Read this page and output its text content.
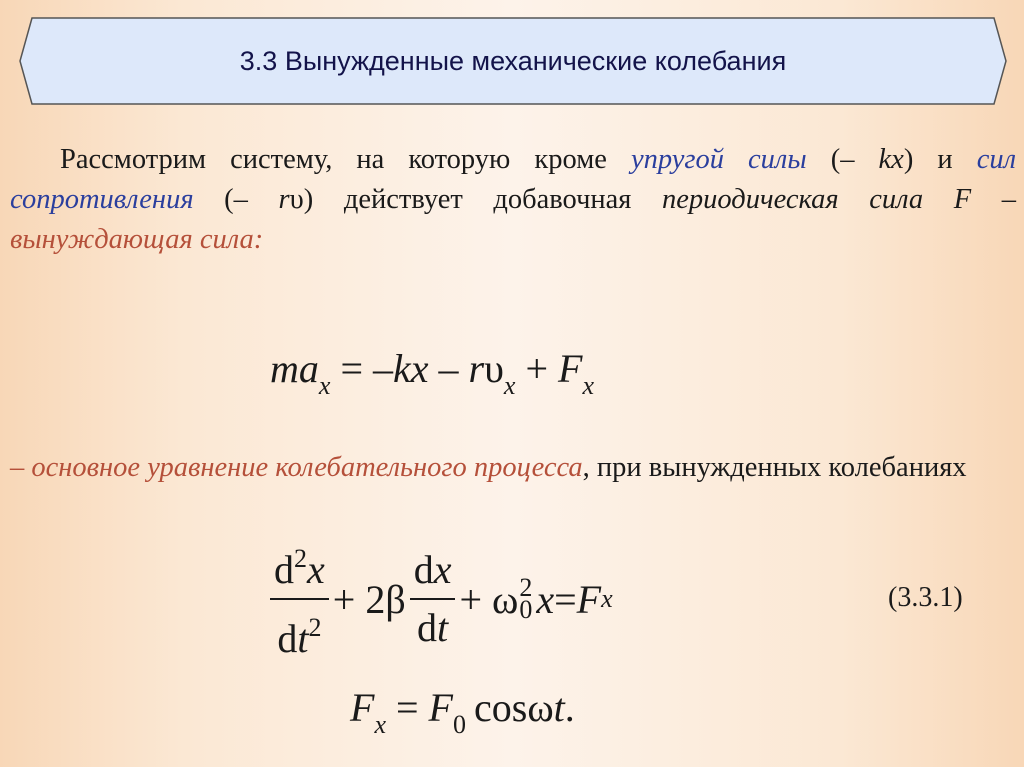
3.3 Вынужденные механические колебания
Рассмотрим систему, на которую кроме упругой силы (– kx) и сил сопротивления (– rυ) действует добавочная периодическая сила F – вынуждающая сила:
$ma_x = -kx - r\upsilon_x + F_x$
– основное уравнение колебательного процесса, при вынужденных колебаниях
$\frac{d^2x}{dt^2} + 2\beta \frac{dx}{dt} + \omega$ 2
0 x = F x	(3.3.1)
$F_x = F_0$ cosωt.
